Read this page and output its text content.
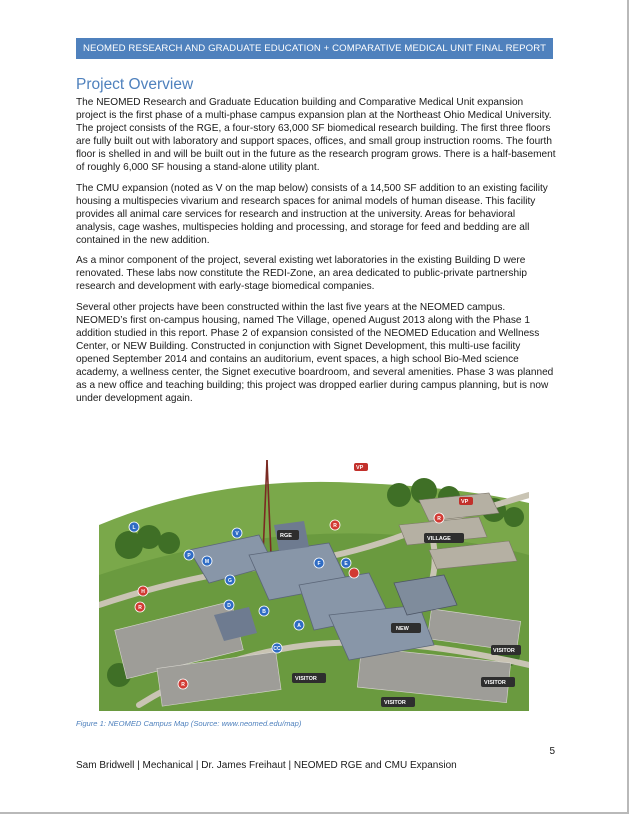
NEOMED RESEARCH AND GRADUATE EDUCATION + COMPARATIVE MEDICAL UNIT FINAL REPORT
Project Overview

The NEOMED Research and Graduate Education building and Comparative Medical Unit expansion project is the first phase of a multi-phase campus expansion plan at the Northeast Ohio Medical University. The project consists of the RGE, a four-story 63,000 SF biomedical research building. The first three floors are fully built out with laboratory and support spaces, offices, and small group instruction rooms. The fourth floor is shelled in and will be built out in the future as the research program grows. There is a half-basement of roughly 6,000 SF housing a stand-alone utility plant.

The CMU expansion (noted as V on the map below) consists of a 14,500 SF addition to an existing facility housing a multispecies vivarium and research spaces for animal models of human disease. This facility provides all animal care services for research and instruction at the university. Areas for behavioral analysis, cage washes, multispecies holding and processing, and storage for feed and bedding are all contained in the new addition.

As a minor component of the project, several existing wet laboratories in the existing Building D were renovated. These labs now constitute the REDI-Zone, an area dedicated to public-private partnership research and development with early-stage biomedical companies.

Several other projects have been constructed within the last five years at the NEOMED campus. NEOMED’s first on-campus housing, named The Village, opened August 2013 along with the Phase 1 addition studied in this report. Phase 2 of expansion consisted of the NEOMED Education and Wellness Center, or NEW Building. Constructed in conjunction with Signet Development, this multi-use facility opened September 2014 and contains an auditorium, event spaces, a high school Bio-Med science academy, a wellness center, the Signet executive boardroom, and several amenities. Phase 3 was planned as a new office and teaching building; this project was dropped earlier during campus planning, but is now under development again.

RGE	VILLAGE
NEW
VISITOR
VISITOR
VISITOR
VISITOR
VP
VP
L
V
P
M
G
F	E
B
A
CC
D
H
R
R
R
R
Figure 1: NEOMED Campus Map (Source: www.neomed.edu/map)
5
Sam Bridwell | Mechanical | Dr. James Freihaut | NEOMED RGE and CMU Expansion
